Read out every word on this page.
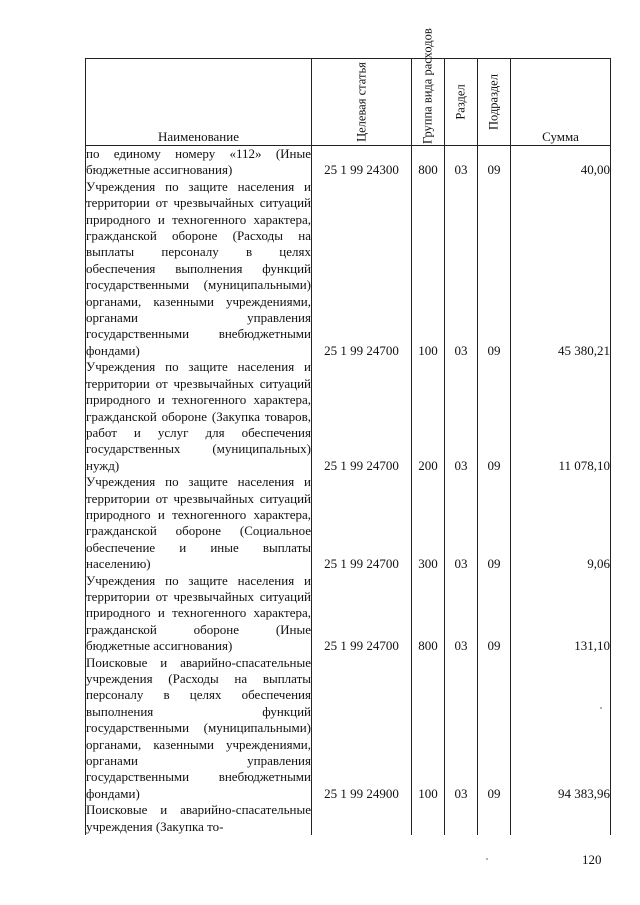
Наименование	Целевая статья	Группа вида расходов	Раздел	Подраздел	Сумма
по единому номеру «112» (Иные бюджетные ассигнования)	25 1 99 24300	800	03	09	40,00
Учреждения по защите населения и территории от чрезвычайных ситуаций природного и техногенного характера, гражданской обороне (Расходы на выплаты персоналу в целях обеспечения выполнения функций государственными (муниципальными) органами, казенными учреждениями, органами управления государственными внебюджетными фондами)	25 1 99 24700	100	03	09	45 380,21
Учреждения по защите населения и территории от чрезвычайных ситуаций природного и техногенного характера, гражданской обороне (Закупка товаров, работ и услуг для обеспечения государственных (муниципальных) нужд)	25 1 99 24700	200	03	09	11 078,10
Учреждения по защите населения и территории от чрезвычайных ситуаций природного и техногенного характера, гражданской обороне (Социальное обеспечение и иные выплаты населению)	25 1 99 24700	300	03	09	9,06
Учреждения по защите населения и территории от чрезвычайных ситуаций природного и техногенного характера, гражданской обороне (Иные бюджетные ассигнования)	25 1 99 24700	800	03	09	131,10
Поисковые и аварийно-спасательные учреждения (Расходы на выплаты персоналу в целях обеспечения выполнения функций государственными (муниципальными) органами, казенными учреждениями, органами управления государственными внебюджетными фондами)	25 1 99 24900	100	03	09	94 383,96
Поисковые и аварийно-спасательные учреждения (Закупка то-					
120
